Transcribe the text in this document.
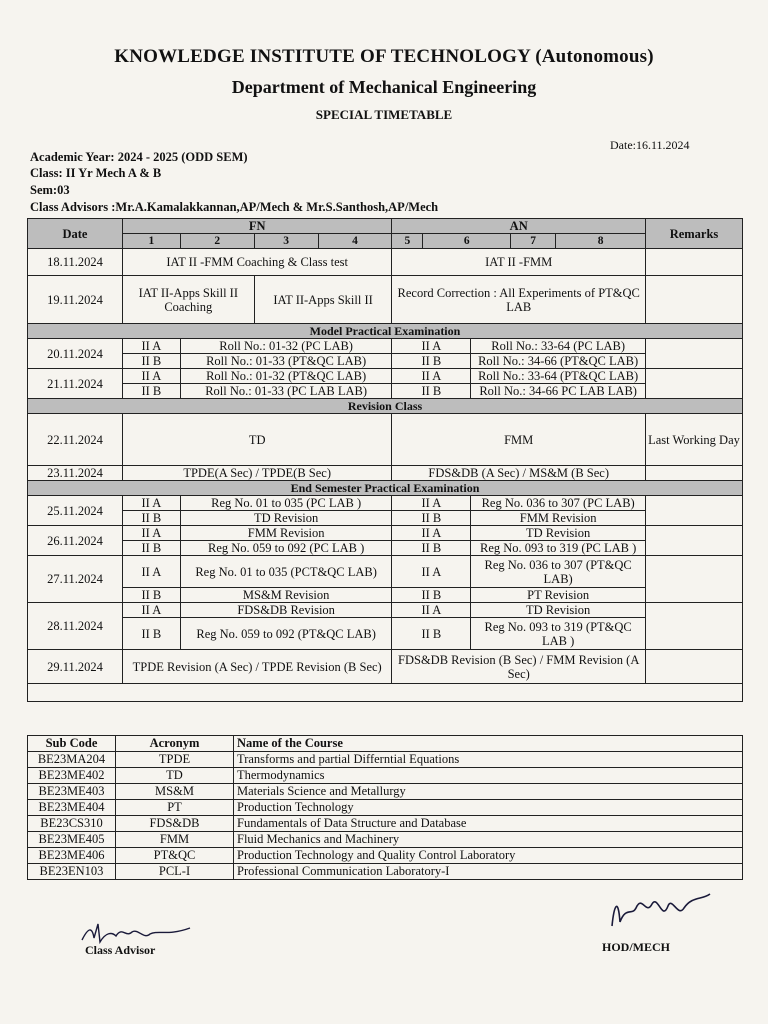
KNOWLEDGE INSTITUTE OF TECHNOLOGY (Autonomous)
Department of Mechanical Engineering
SPECIAL TIMETABLE
Date:16.11.2024
Academic Year: 2024 - 2025 (ODD SEM)
Class: II Yr Mech A & B
Sem:03
Class Advisors :Mr.A.Kamalakkannan,AP/Mech & Mr.S.Santhosh,AP/Mech
Date	FN				AN					Remarks
	1	2	3	4	5	6		7	8	
18.11.2024	IAT II -FMM Coaching & Class test				IAT II -FMM					
19.11.2024	IAT II-Apps Skill II Coaching		IAT II-Apps Skill II		Record Correction : All Experiments of PT&QC LAB					
Model Practical Examination										
20.11.2024	II A	Roll No.: 01-32 (PC LAB)			II A		Roll No.: 33-64 (PC LAB)			
	II B	Roll No.: 01-33 (PT&QC LAB)			II B		Roll No.: 34-66 (PT&QC LAB)			
21.11.2024	II A	Roll No.: 01-32 (PT&QC LAB)			II A		Roll No.: 33-64 (PT&QC LAB)			
	II B	Roll No.: 01-33 (PC LAB LAB)			II B		Roll No.: 34-66 PC LAB LAB)			
Revision Class										
22.11.2024	TD				FMM					Last Working Day
23.11.2024	TPDE(A Sec) / TPDE(B Sec)				FDS&DB (A Sec) / MS&M (B Sec)					
End Semester Practical Examination										
25.11.2024	II A	Reg No. 01 to 035 (PC LAB )			II A		Reg No. 036 to 307 (PC LAB)			
	II B	TD Revision			II B		FMM Revision			
26.11.2024	II A	FMM Revision			II A		TD Revision			
	II B	Reg No. 059 to 092 (PC LAB )			II B		Reg No. 093 to 319 (PC LAB )			
27.11.2024	II A	Reg No. 01 to 035 (PCT&QC LAB)			II A		Reg No. 036 to 307 (PT&QC LAB)			
	II B	MS&M Revision			II B		PT Revision			
28.11.2024	II A	FDS&DB Revision			II A		TD Revision			
	II B	Reg No. 059 to 092 (PT&QC LAB)			II B		Reg No. 093 to 319 (PT&QC LAB )			
29.11.2024	TPDE Revision (A Sec) / TPDE Revision (B Sec)				FDS&DB Revision (B Sec) / FMM Revision (A Sec)					

Sub Code	Acronym	Name of the Course
BE23MA204	TPDE	Transforms and partial Differntial Equations
BE23ME402	TD	Thermodynamics
BE23ME403	MS&M	Materials Science and Metallurgy
BE23ME404	PT	Production Technology
BE23CS310	FDS&DB	Fundamentals of Data Structure and Database
BE23ME405	FMM	Fluid Mechanics and Machinery
BE23ME406	PT&QC	Production Technology and Quality Control Laboratory
BE23EN103	PCL-I	Professional Communication Laboratory-I
Class Advisor	HOD/MECH
